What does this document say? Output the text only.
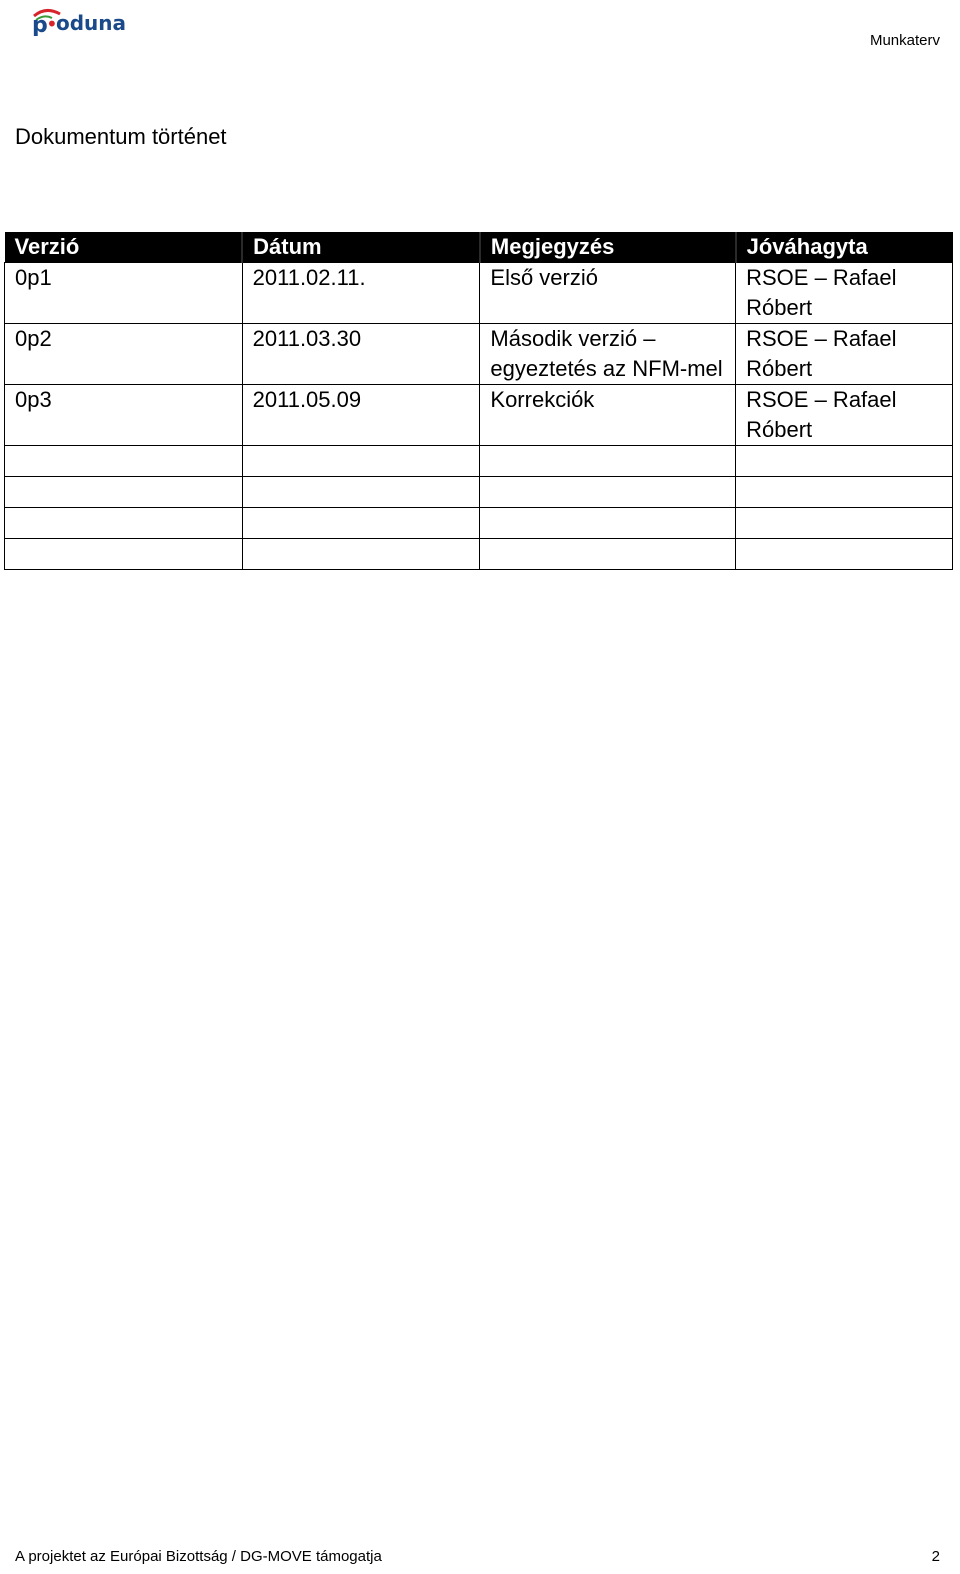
p
•
oduna
Munkaterv
Dokumentum történet
Verzió	Dátum	Megjegyzés	Jóváhagyta
0p1	2011.02.11.	Első verzió	RSOE – Rafael Róbert
0p2	2011.03.30	Második verzió – egyeztetés az NFM-mel	RSOE – Rafael Róbert
0p3	2011.05.09	Korrekciók	RSOE – Rafael Róbert

A projektet az Európai Bizottság / DG-MOVE támogatja	2
